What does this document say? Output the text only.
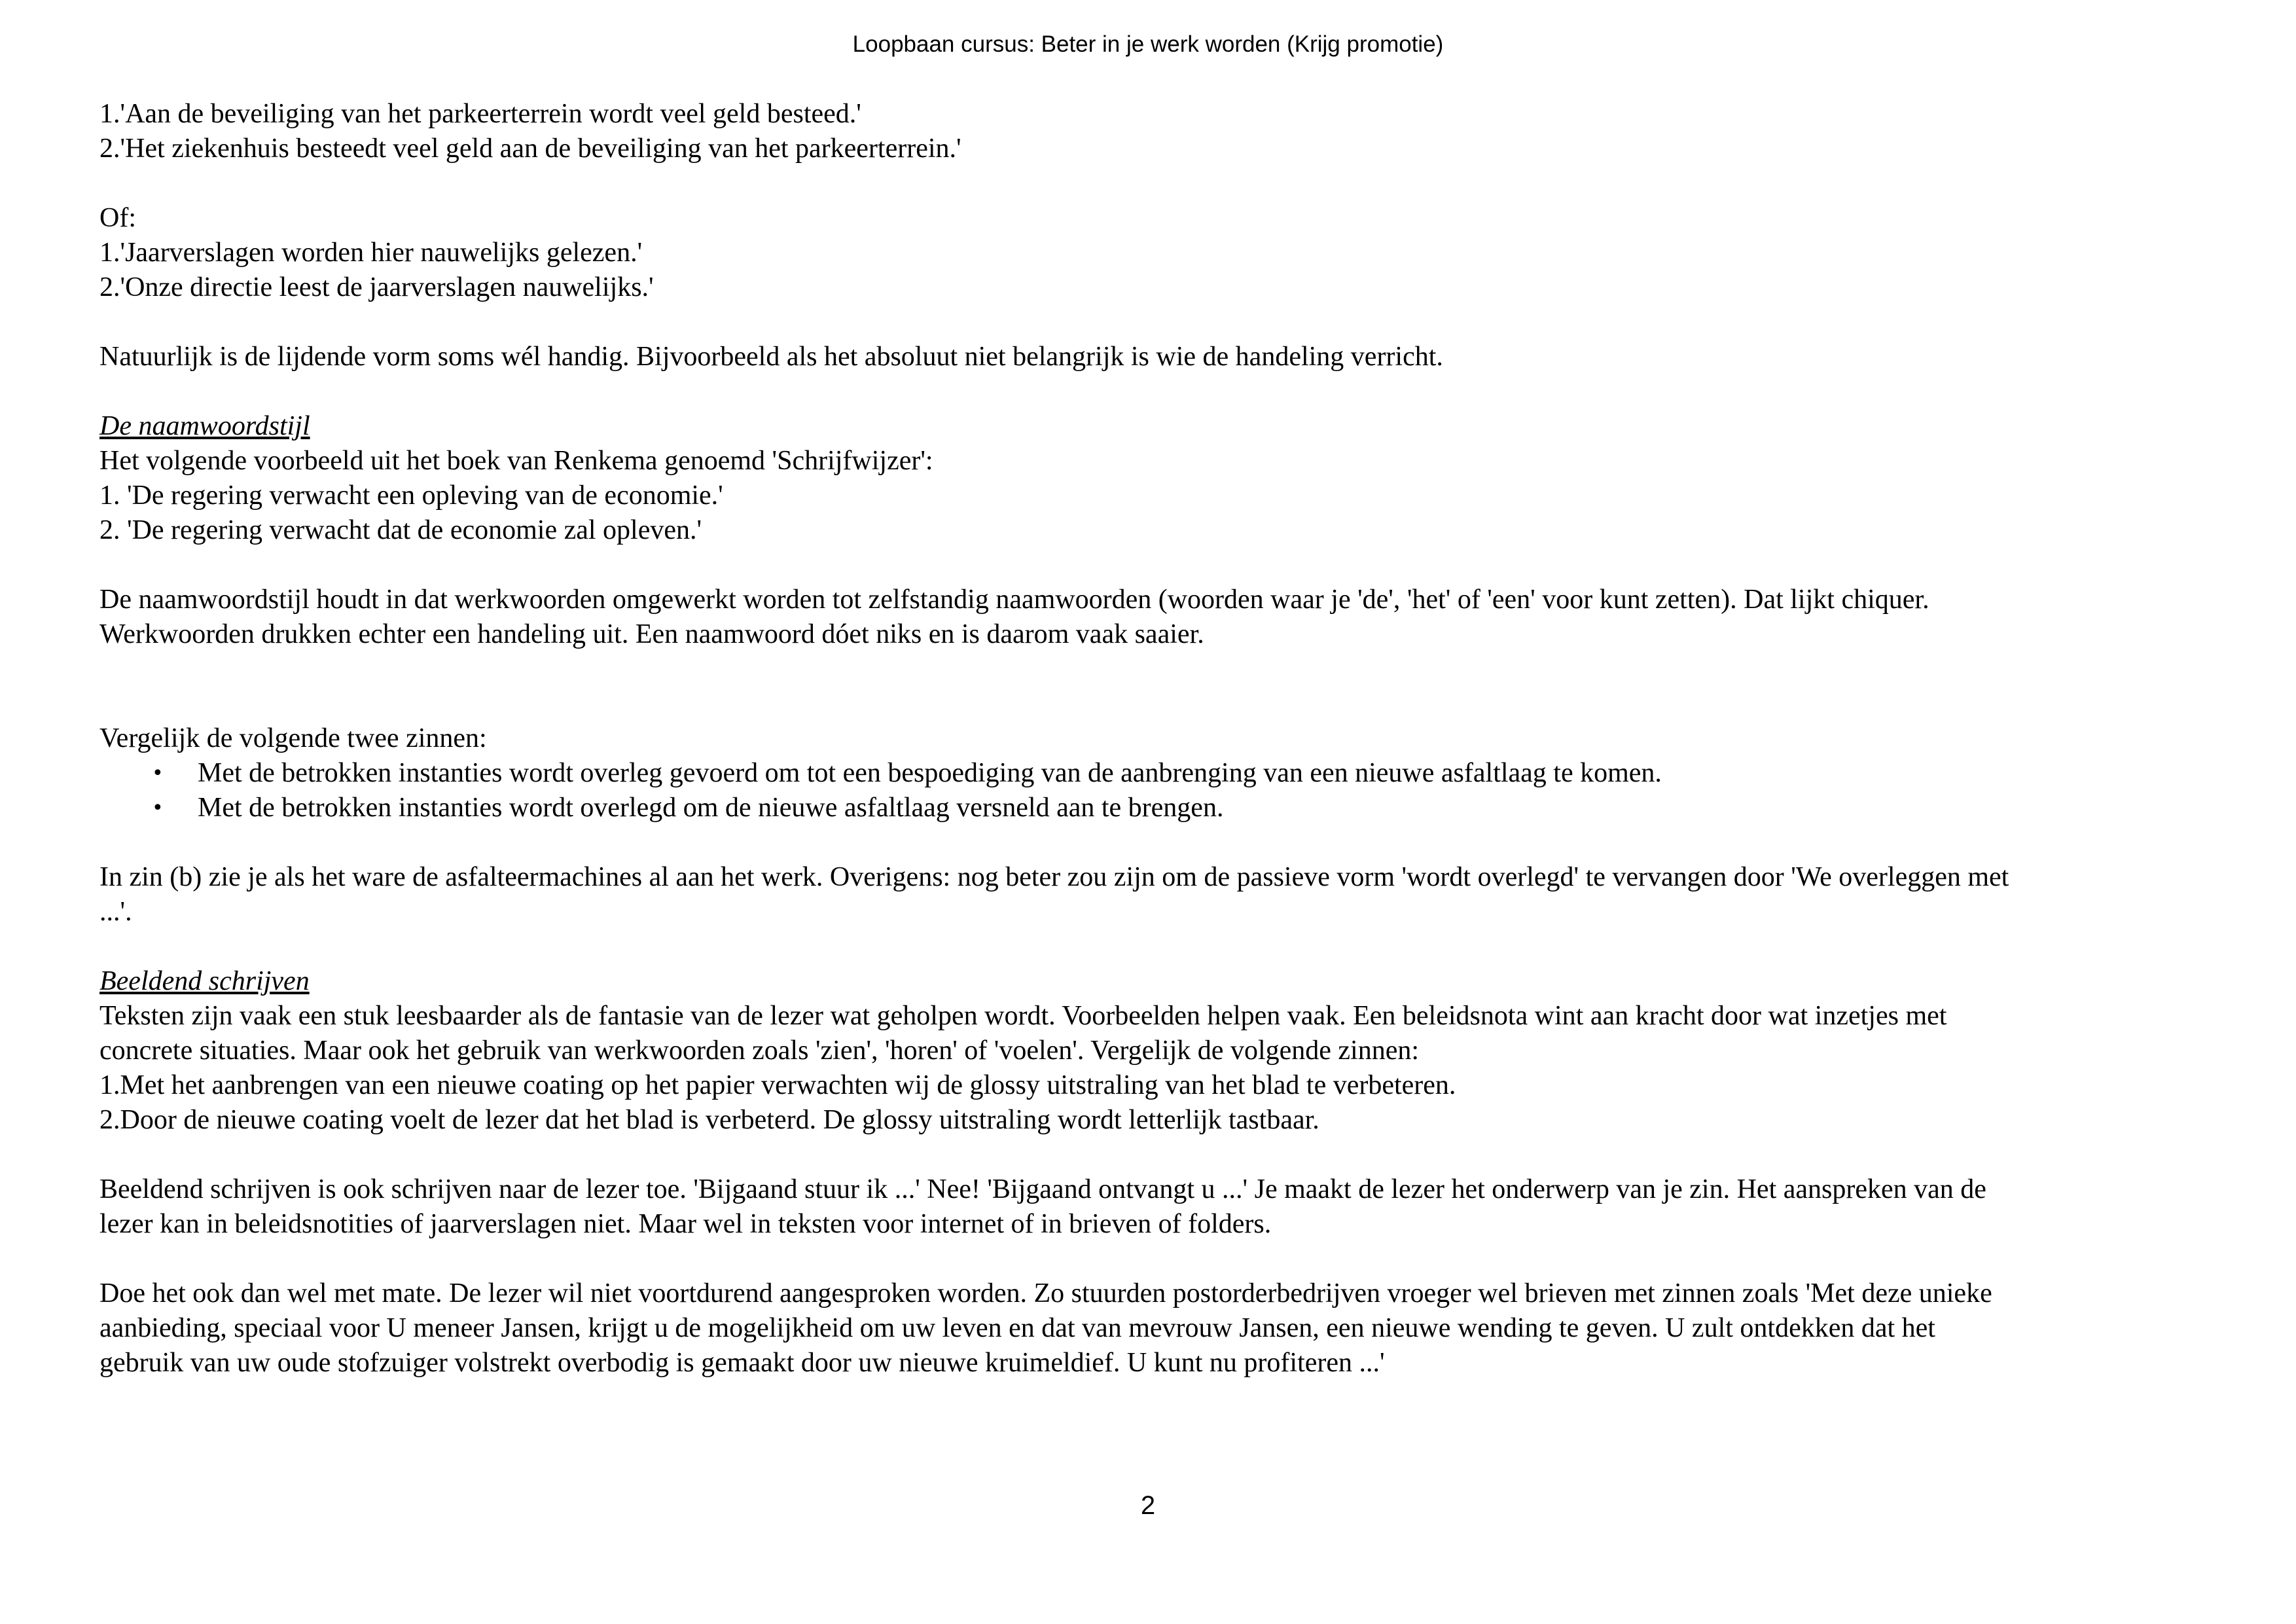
Loopbaan cursus: Beter in je werk worden (Krijg promotie)
1.'Aan de beveiliging van het parkeerterrein wordt veel geld besteed.'
2.'Het ziekenhuis besteedt veel geld aan de beveiliging van het parkeerterrein.'
Of:
1.'Jaarverslagen worden hier nauwelijks gelezen.'
2.'Onze directie leest de jaarverslagen nauwelijks.'
Natuurlijk is de lijdende vorm soms wél handig. Bijvoorbeeld als het absoluut niet belangrijk is wie de handeling verricht.
De naamwoordstijl
Het volgende voorbeeld uit het boek van Renkema genoemd 'Schrijfwijzer':
1. 'De regering verwacht een opleving van de economie.'
2. 'De regering verwacht dat de economie zal opleven.'
De naamwoordstijl houdt in dat werkwoorden omgewerkt worden tot zelfstandig naamwoorden (woorden waar je 'de', 'het' of 'een' voor kunt zetten). Dat lijkt chiquer.
Werkwoorden drukken echter een handeling uit. Een naamwoord dóet niks en is daarom vaak saaier.
Vergelijk de volgende twee zinnen:
• Met de betrokken instanties wordt overleg gevoerd om tot een bespoediging van de aanbrenging van een nieuwe asfaltlaag te komen.
• Met de betrokken instanties wordt overlegd om de nieuwe asfaltlaag versneld aan te brengen.
In zin (b) zie je als het ware de asfalteermachines al aan het werk. Overigens: nog beter zou zijn om de passieve vorm 'wordt overlegd' te vervangen door 'We overleggen met
...'.
Beeldend schrijven
Teksten zijn vaak een stuk leesbaarder als de fantasie van de lezer wat geholpen wordt. Voorbeelden helpen vaak. Een beleidsnota wint aan kracht door wat inzetjes met
concrete situaties. Maar ook het gebruik van werkwoorden zoals 'zien', 'horen' of 'voelen'. Vergelijk de volgende zinnen:
1.Met het aanbrengen van een nieuwe coating op het papier verwachten wij de glossy uitstraling van het blad te verbeteren.
2.Door de nieuwe coating voelt de lezer dat het blad is verbeterd. De glossy uitstraling wordt letterlijk tastbaar.
Beeldend schrijven is ook schrijven naar de lezer toe. 'Bijgaand stuur ik ...' Nee! 'Bijgaand ontvangt u ...' Je maakt de lezer het onderwerp van je zin. Het aanspreken van de
lezer kan in beleidsnotities of jaarverslagen niet. Maar wel in teksten voor internet of in brieven of folders.
Doe het ook dan wel met mate. De lezer wil niet voortdurend aangesproken worden. Zo stuurden postorderbedrijven vroeger wel brieven met zinnen zoals 'Met deze unieke
aanbieding, speciaal voor U meneer Jansen, krijgt u de mogelijkheid om uw leven en dat van mevrouw Jansen, een nieuwe wending te geven. U zult ontdekken dat het
gebruik van uw oude stofzuiger volstrekt overbodig is gemaakt door uw nieuwe kruimeldief. U kunt nu profiteren ...'
2
